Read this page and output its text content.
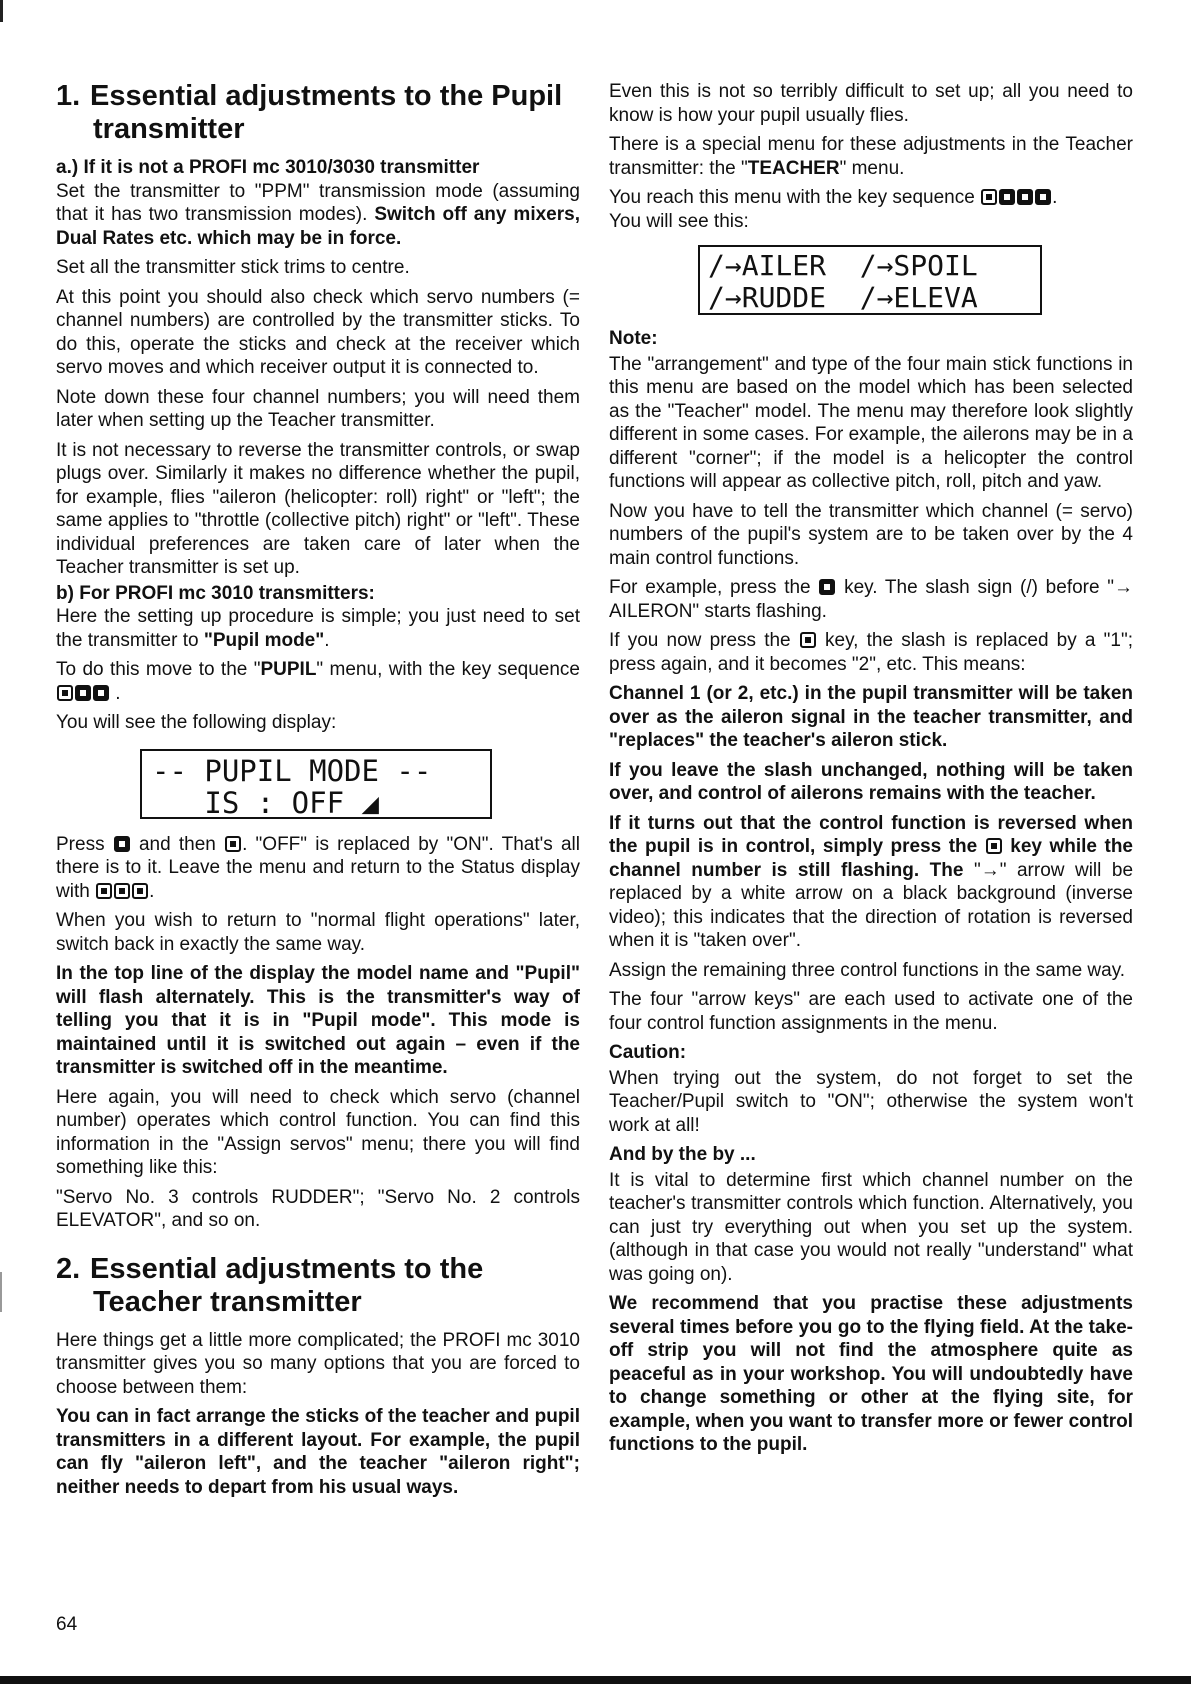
1. Essential adjustments to the Pupil
transmitter
a.) If it is not a PROFI mc 3010/3030 transmitter

Set the transmitter to "PPM" transmission mode (assuming that it has two transmission modes). Switch off any mixers, Dual Rates etc. which may be in force.

Set all the transmitter stick trims to centre.

At this point you should also check which servo numbers (= channel numbers) are controlled by the transmitter sticks. To do this, operate the sticks and check at the receiver which servo moves and which receiver output it is connected to.

Note down these four channel numbers; you will need them later when setting up the Teacher transmitter.

It is not necessary to reverse the transmitter controls, or swap plugs over. Similarly it makes no difference whether the pupil, for example, flies "aileron (helicopter: roll) right" or "left"; the same applies to "throttle (collective pitch) right" or "left". These individual preferences are taken care of later when the Teacher transmitter is set up.

b) For PROFI mc 3010 transmitters:

Here the setting up procedure is simple; you just need to set the transmitter to "Pupil mode".

To do this move to the "PUPIL" menu, with the key sequence  .

You will see the following display:

-- PUPIL MODE --
IS : OFF ◢

Press and then . "OFF" is replaced by "ON". That's all there is to it. Leave the menu and return to the Status display with	.

When you wish to return to "normal flight operations" later, switch back in exactly the same way.

In the top line of the display the model name and "Pupil" will flash alternately. This is the transmitter's way of telling you that it is in "Pupil mode". This mode is maintained until it is switched out again – even if the transmitter is switched off in the meantime.

Here again, you will need to check which servo (channel number) operates which control function. You can find this information in the "Assign servos" menu; there you will find something like this:

"Servo No. 3 controls RUDDER"; "Servo No. 2 controls ELEVATOR", and so on.

2. Essential adjustments to the
Teacher transmitter

Here things get a little more complicated; the PROFI mc 3010 transmitter gives you so many options that you are forced to choose between them:

You can in fact arrange the sticks of the teacher and pupil transmitters in a different layout. For example, the pupil can fly "aileron left", and the teacher "aileron right"; neither needs to depart from his usual ways.

Even this is not so terribly difficult to set up; all you need to know is how your pupil usually flies.

There is a special menu for these adjustments in the Teacher transmitter: the "TEACHER" menu.

You reach this menu with the key sequence	.
You will see this:

∕→AILER  ∕→SPOIL
∕→RUDDE  ∕→ELEVA
Note:

The "arrangement" and type of the four main stick functions in this menu are based on the model which has been selected as the "Teacher" model. The menu may therefore look slightly different in some cases. For example, the ailerons may be in a different "corner"; if the model is a helicopter the control functions will appear as collective pitch, roll, pitch and yaw.

Now you have to tell the transmitter which channel (= servo) numbers of the pupil's system are to be taken over by the 4 main control functions.

For example, press the key. The slash sign (/) before "→ AILERON" starts flashing.

If you now press the key, the slash is replaced by a "1"; press again, and it becomes "2", etc. This means:

Channel 1 (or 2, etc.) in the pupil transmitter will be taken over as the aileron signal in the teacher transmitter, and "replaces" the teacher's aileron stick.

If you leave the slash unchanged, nothing will be taken over, and control of ailerons remains with the teacher.

If it turns out that the control function is reversed when the pupil is in control, simply press the key while the channel number is still flashing. The "→" arrow will be replaced by a white arrow on a black background (inverse video); this indicates that the direction of rotation is reversed when it is "taken over".

Assign the remaining three control functions in the same way.

The four "arrow keys" are each used to activate one of the four control function assignments in the menu.

Caution:

When trying out the system, do not forget to set the Teacher/Pupil switch to "ON"; otherwise the system won't work at all!

And by the by ...

It is vital to determine first which channel number on the teacher's transmitter controls which function. Alternatively, you can just try everything out when you set up the system. (although in that case you would not really "understand" what was going on).

We recommend that you practise these adjustments several times before you go to the flying field. At the take-off strip you will not find the atmosphere quite as peaceful as in your workshop. You will undoubtedly have to change something or other at the flying site, for example, when you want to transfer more or fewer control functions to the pupil.

64
